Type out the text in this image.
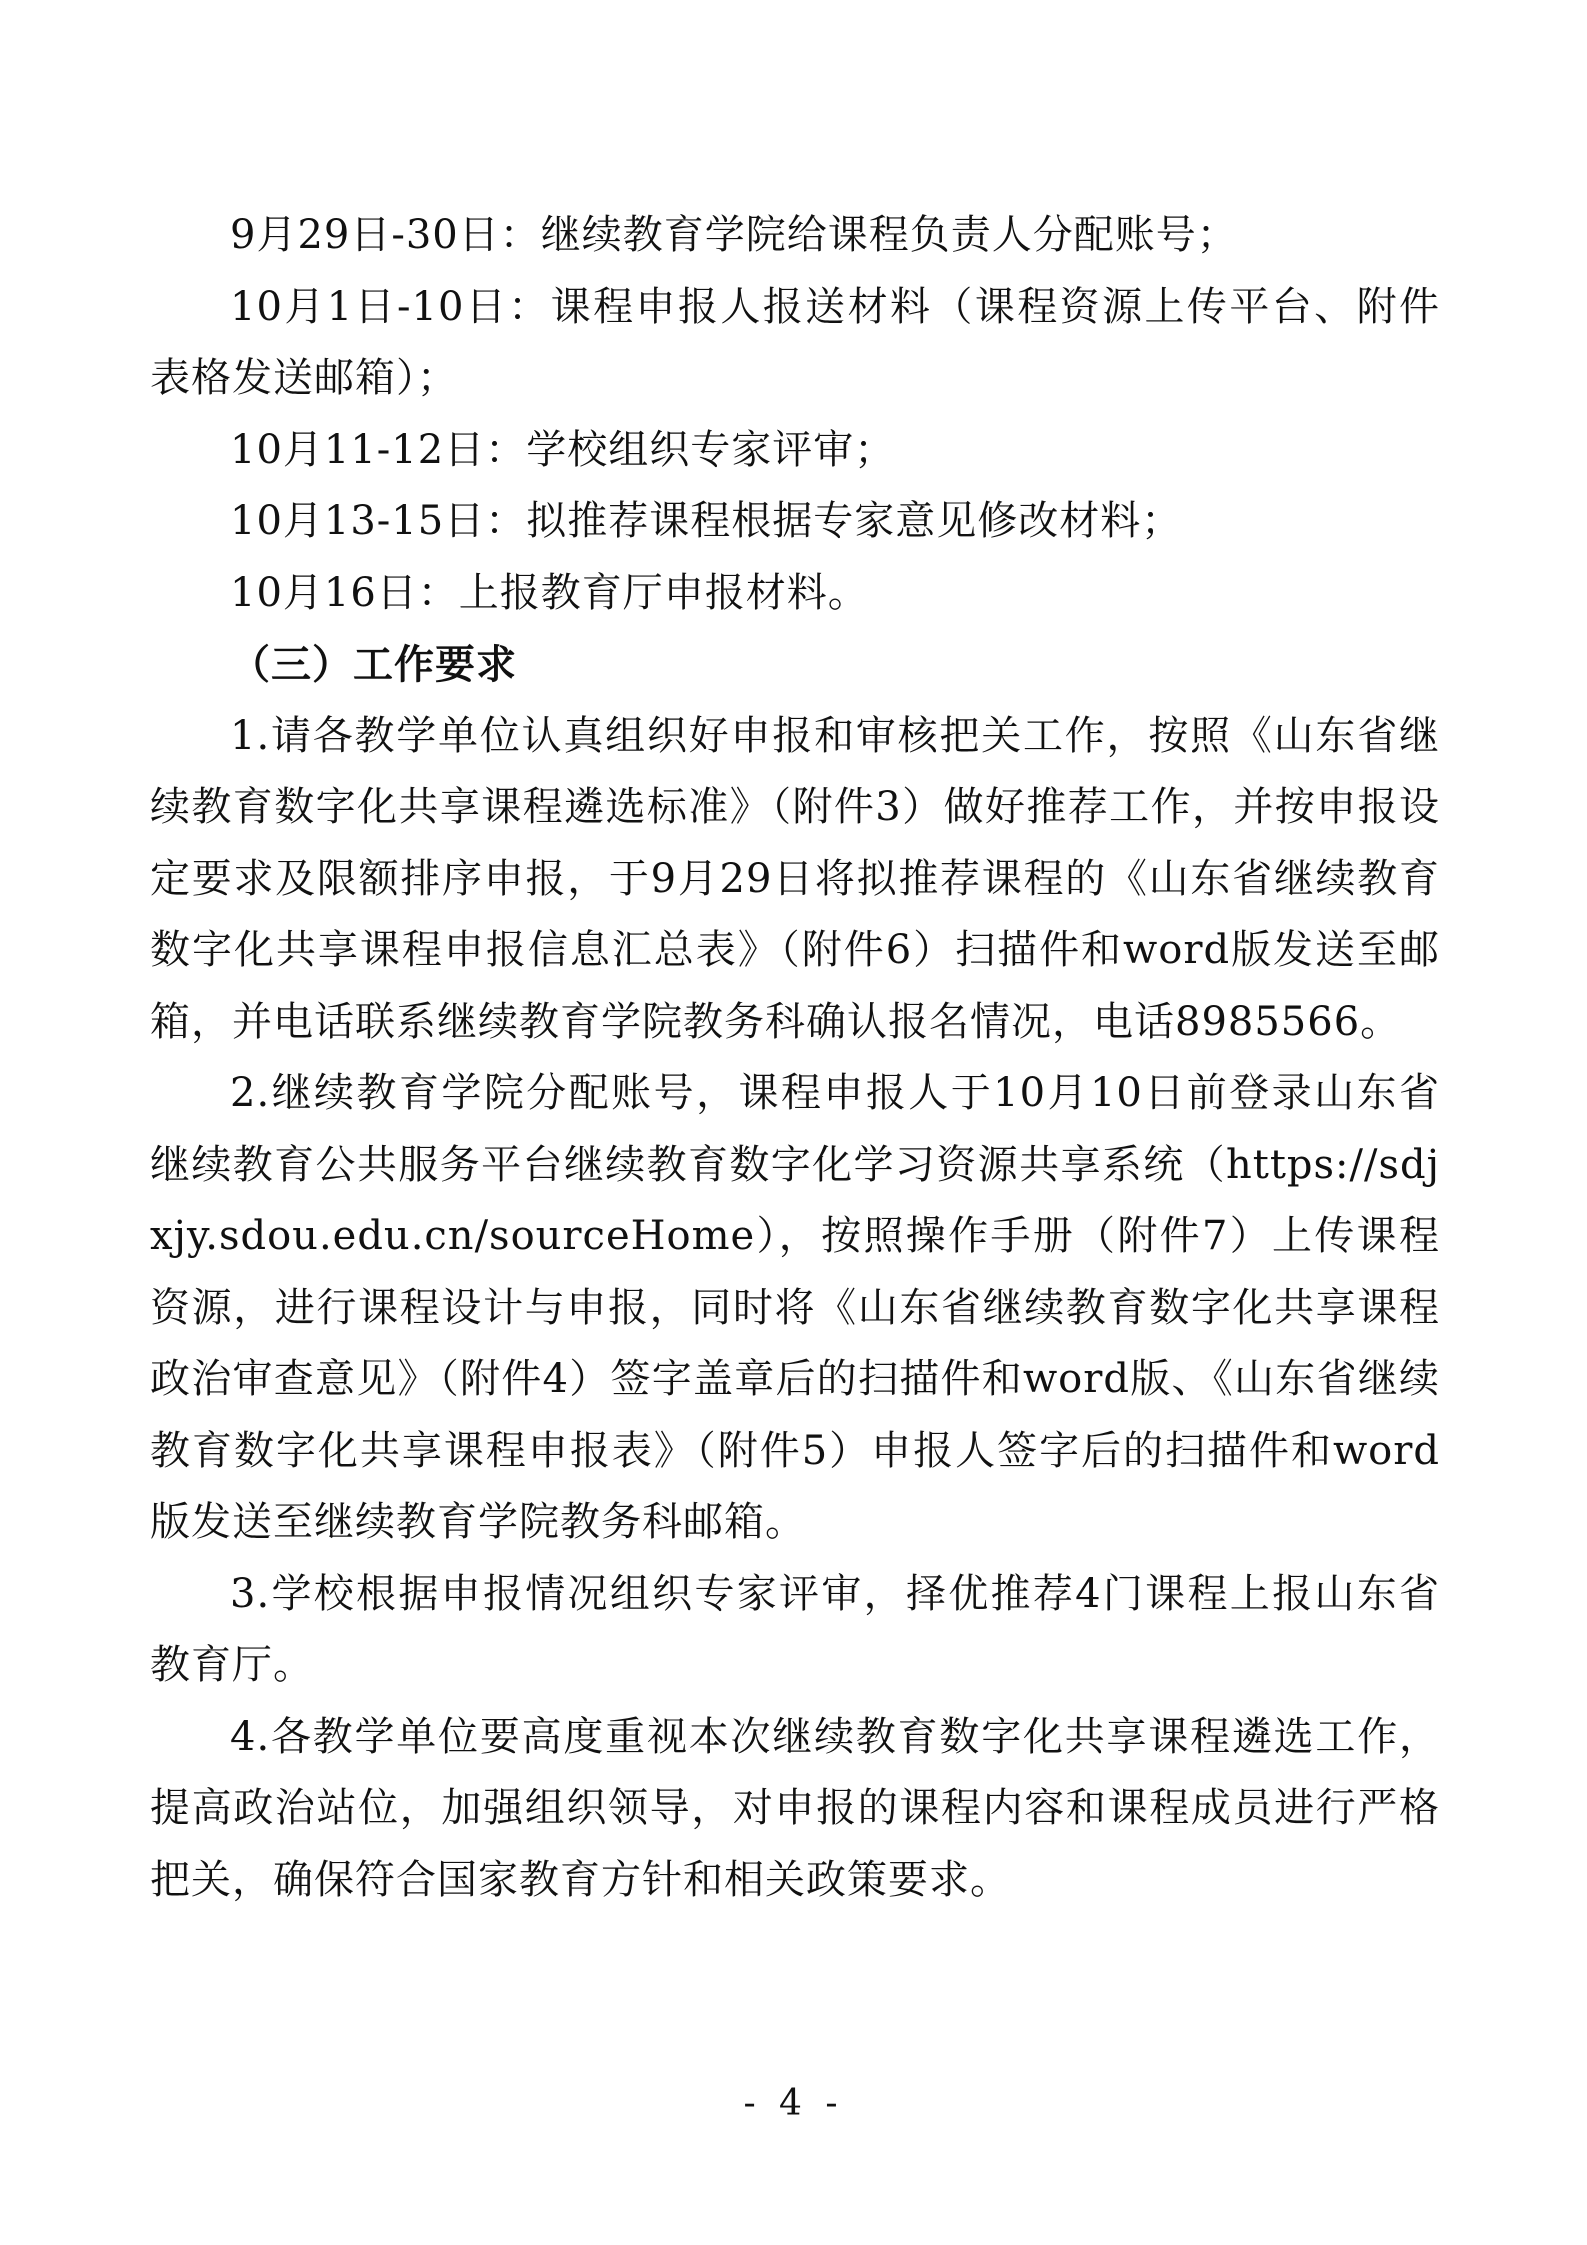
9月29日-30日：继续教育学院给课程负责人分配账号；

10月1日-10日：课程申报人报送材料（课程资源上传平台、附件表格发送邮箱）；

10月11-12日：学校组织专家评审；

10月13-15日：拟推荐课程根据专家意见修改材料；

10月16日：上报教育厅申报材料。

（三）工作要求

1.请各教学单位认真组织好申报和审核把关工作，按照《山东省继续教育数字化共享课程遴选标准》（附件3）做好推荐工作，并按申报设定要求及限额排序申报，于9月29日将拟推荐课程的《山东省继续教育数字化共享课程申报信息汇总表》（附件6）扫描件和word版发送至邮箱，并电话联系继续教育学院教务科确认报名情况，电话8985566。

2.继续教育学院分配账号，课程申报人于10月10日前登录山东省继续教育公共服务平台继续教育数字化学习资源共享系统（https://sdjxjy.sdou.edu.cn/sourceHome），按照操作手册（附件7）上传课程资源，进行课程设计与申报，同时将《山东省继续教育数字化共享课程政治审查意见》（附件4）签字盖章后的扫描件和word版、《山东省继续教育数字化共享课程申报表》（附件5）申报人签字后的扫描件和word版发送至继续教育学院教务科邮箱。

3.学校根据申报情况组织专家评审，择优推荐4门课程上报山东省教育厅。

4.各教学单位要高度重视本次继续教育数字化共享课程遴选工作，提高政治站位，加强组织领导，对申报的课程内容和课程成员进行严格把关，确保符合国家教育方针和相关政策要求。

- 4 -
